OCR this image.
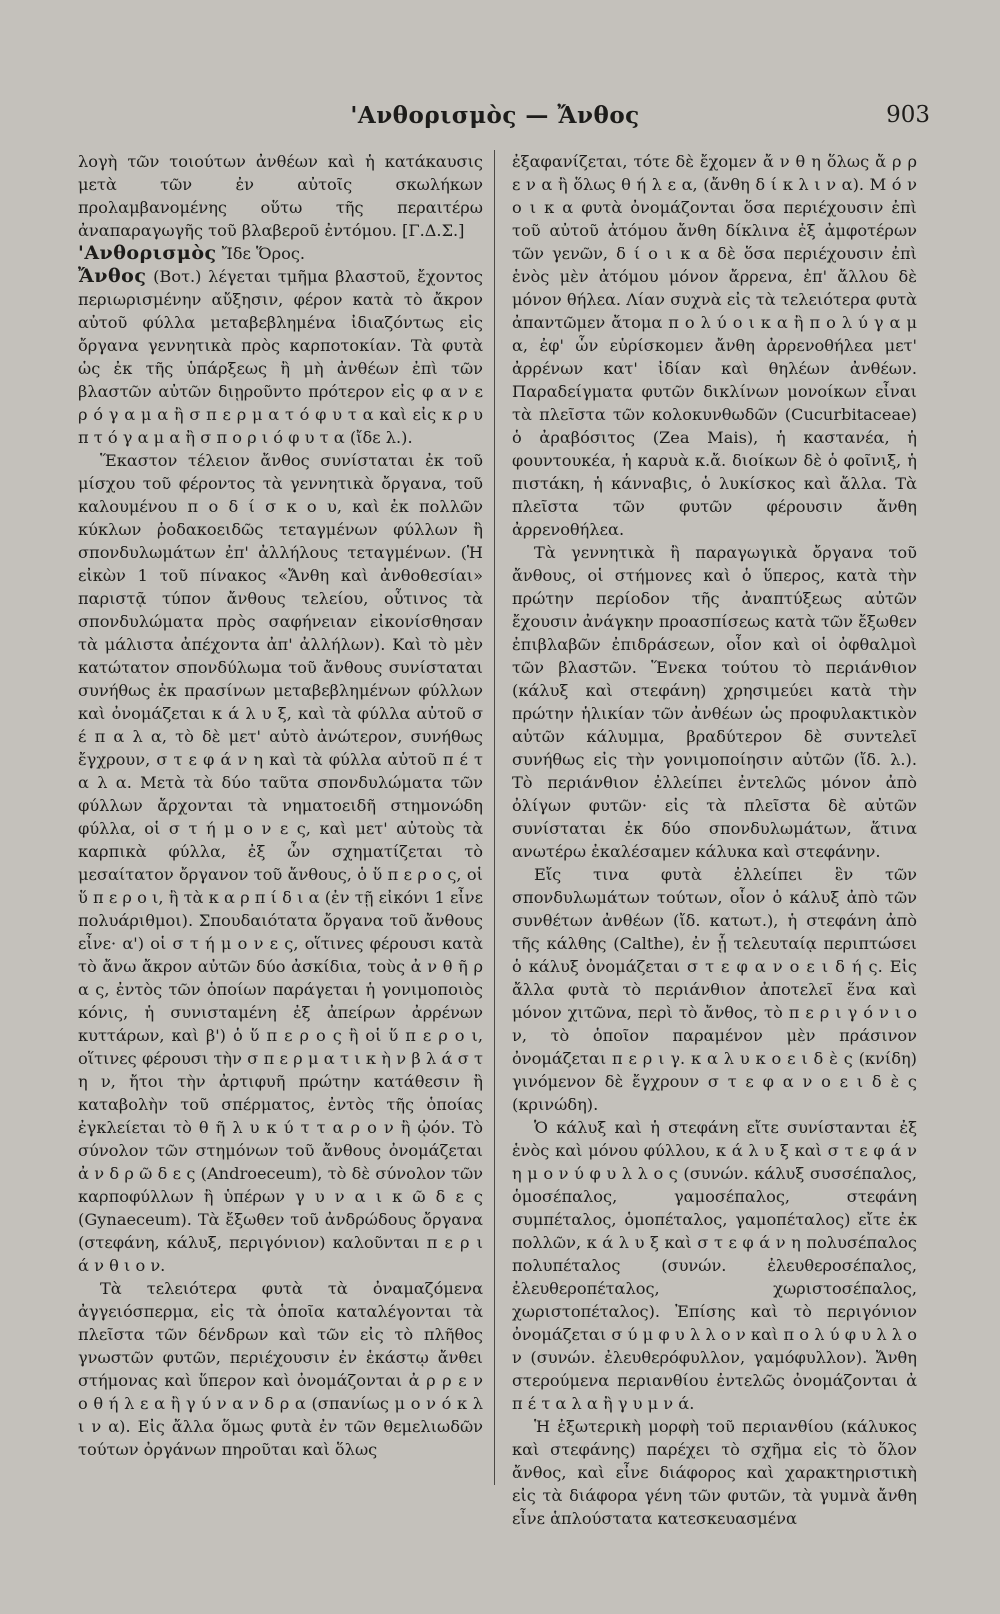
'Ανθορισμὸς — Ἄνθος	903

λογὴ τῶν τοιούτων ἀνθέων καὶ ἡ κατάκαυσις μετὰ τῶν ἐν αὐτοῖς σκωλήκων προλαμβανομένης οὕτω τῆς περαιτέρω ἀναπαραγωγῆς τοῦ βλαβεροῦ ἐντόμου. [Γ.Δ.Σ.]

'Ανθορισμὸς Ἴδε Ὅρος.

Ἄνθος (Βοτ.) λέγεται τμῆμα βλαστοῦ, ἔχοντος περιωρισμένην αὔξησιν, φέρον κατὰ τὸ ἄκρον αὐτοῦ φύλλα μεταβεβλημένα ἰδιαζόντως εἰς ὄργανα γεννητικὰ πρὸς καρποτοκίαν. Τὰ φυτὰ ὡς ἐκ τῆς ὑπάρξεως ἢ μὴ ἀνθέων ἐπὶ τῶν βλαστῶν αὐτῶν διῃροῦντο πρότερον εἰς φ α ν ε ρ ό γ α μ α ἢ σ π ε ρ μ α τ ό φ υ τ α καὶ εἰς κ ρ υ π τ ό γ α μ α ἢ σ π ο ρ ι ό φ υ τ α (ἴδε λ.).

Ἕκαστον τέλειον ἄνθος συνίσταται ἐκ τοῦ μίσχου τοῦ φέροντος τὰ γεννητικὰ ὄργανα, τοῦ καλουμένου π ο δ ί σ κ ο υ, καὶ ἐκ πολλῶν κύκλων ῥοδακοειδῶς τεταγμένων φύλλων ἢ σπονδυλωμάτων ἐπ' ἀλλήλους τεταγμένων. (Ἡ εἰκὼν 1 τοῦ πίνακος «Ἄνθη καὶ ἀνθοθεσίαι» παριστᾷ τύπον ἄνθους τελείου, οὗτινος τὰ σπονδυλώματα πρὸς σαφήνειαν εἰκονίσθησαν τὰ μάλιστα ἀπέχοντα ἀπ' ἀλλήλων). Καὶ τὸ μὲν κατώτατον σπονδύλωμα τοῦ ἄνθους συνίσταται συνήθως ἐκ πρασίνων μεταβεβλημένων φύλλων καὶ ὀνομάζεται κ ά λ υ ξ, καὶ τὰ φύλλα αὐτοῦ σ έ π α λ α, τὸ δὲ μετ' αὐτὸ ἀνώτερον, συνήθως ἔγχρουν, σ τ ε φ ά ν η καὶ τὰ φύλλα αὐτοῦ π έ τ α λ α. Μετὰ τὰ δύο ταῦτα σπονδυλώματα τῶν φύλλων ἄρχονται τὰ νηματοειδῆ στημονώδη φύλλα, οἱ σ τ ή μ ο ν ε ς, καὶ μετ' αὐτοὺς τὰ καρπικὰ φύλλα, ἐξ ὧν σχηματίζεται τὸ μεσαίτατον ὄργανον τοῦ ἄνθους, ὁ ὕ π ε ρ ο ς, οἱ ὕ π ε ρ ο ι, ἢ τὰ κ α ρ π ί δ ι α (ἐν τῇ εἰκόνι 1 εἶνε πολυάριθμοι). Σπουδαιότατα ὄργανα τοῦ ἄνθους εἶνε· α') οἱ σ τ ή μ ο ν ε ς, οἵτινες φέρουσι κατὰ τὸ ἄνω ἄκρον αὐτῶν δύο ἀσκίδια, τοὺς ἀ ν θ ῆ ρ α ς, ἐντὸς τῶν ὁποίων παράγεται ἡ γονιμοποιὸς κόνις, ἡ συνισταμένη ἐξ ἀπείρων ἀρρένων κυττάρων, καὶ β') ὁ ὕ π ε ρ ο ς ἢ οἱ ὕ π ε ρ ο ι, οἵτινες φέρουσι τὴν σ π ε ρ μ α τ ι κ ὴ ν β λ ά σ τ η ν, ἤτοι τὴν ἀρτιφυῆ πρώτην κατάθεσιν ἢ καταβολὴν τοῦ σπέρματος, ἐντὸς τῆς ὁποίας ἐγκλείεται τὸ θ ῆ λ υ κ ύ τ τ α ρ ο ν ἢ ᾠόν. Τὸ σύνολον τῶν στημόνων τοῦ ἄνθους ὀνομάζεται ἀ ν δ ρ ῶ δ ε ς (Androeceum), τὸ δὲ σύνολον τῶν καρποφύλλων ἢ ὑπέρων γ υ ν α ι κ ῶ δ ε ς (Gynaeceum). Τὰ ἔξωθεν τοῦ ἀνδρώδους ὄργανα (στεφάνη, κάλυξ, περιγόνιον) καλοῦνται π ε ρ ι ά ν θ ι ο ν.

Τὰ τελειότερα φυτὰ τὰ ὀναμαζόμενα ἀγγειόσπερμα, εἰς τὰ ὁποῖα καταλέγονται τὰ πλεῖστα τῶν δένδρων καὶ τῶν εἰς τὸ πλῆθος γνωστῶν φυτῶν, περιέχουσιν ἐν ἑκάστῳ ἄνθει στήμονας καὶ ὕπερον καὶ ὀνομάζονται ἀ ρ ρ ε ν ο θ ή λ ε α ἢ γ ύ ν α ν δ ρ α (σπανίως μ ο ν ό κ λ ι ν α). Εἰς ἄλλα ὅμως φυτὰ ἐν τῶν θεμελιωδῶν τούτων ὀργάνων πηροῦται καὶ ὅλως

ἐξαφανίζεται, τότε δὲ ἔχομεν ἄ ν θ η ὅλως ἄ ρ ρ ε ν α ἢ ὅλως θ ή λ ε α, (ἄνθη δ ί κ λ ι ν α). Μ ό ν ο ι κ α φυτὰ ὀνομάζονται ὅσα περιέχουσιν ἐπὶ τοῦ αὐτοῦ ἀτόμου ἄνθη δίκλινα ἐξ ἀμφοτέρων τῶν γενῶν, δ ί ο ι κ α δὲ ὅσα περιέχουσιν ἐπὶ ἑνὸς μὲν ἀτόμου μόνον ἄρρενα, ἐπ' ἄλλου δὲ μόνον θήλεα. Λίαν συχνὰ εἰς τὰ τελειότερα φυτὰ ἀπαντῶμεν ἄτομα π ο λ ύ ο ι κ α ἢ π ο λ ύ γ α μ α, ἐφ' ὧν εὑρίσκομεν ἄνθη ἀρρενοθήλεα μετ' ἀρρένων κατ' ἰδίαν καὶ θηλέων ἀνθέων. Παραδείγματα φυτῶν δικλίνων μονοίκων εἶναι τὰ πλεῖστα τῶν κολοκυνθωδῶν (Cucurbitaceae) ὁ ἀραβόσιτος (Zea Mais), ἡ καστανέα, ἡ φουντουκέα, ἡ καρυὰ κ.ἄ. διοίκων δὲ ὁ φοῖνιξ, ἡ πιστάκη, ἡ κάνναβις, ὁ λυκίσκος καὶ ἄλλα. Τὰ πλεῖστα τῶν φυτῶν φέρουσιν ἄνθη ἀρρενοθήλεα.

Τὰ γεννητικὰ ἢ παραγωγικὰ ὄργανα τοῦ ἄνθους, οἱ στήμονες καὶ ὁ ὕπερος, κατὰ τὴν πρώτην περίοδον τῆς ἀναπτύξεως αὐτῶν ἔχουσιν ἀνάγκην προασπίσεως κατὰ τῶν ἔξωθεν ἐπιβλαβῶν ἐπιδράσεων, οἷον καὶ οἱ ὀφθαλμοὶ τῶν βλαστῶν. Ἕνεκα τούτου τὸ περιάνθιον (κάλυξ καὶ στεφάνη) χρησιμεύει κατὰ τὴν πρώτην ἡλικίαν τῶν ἀνθέων ὡς προφυλακτικὸν αὐτῶν κάλυμμα, βραδύτερον δὲ συντελεῖ συνήθως εἰς τὴν γονιμοποίησιν αὐτῶν (ἴδ. λ.). Τὸ περιάνθιον ἐλλείπει ἐντελῶς μόνον ἀπὸ ὀλίγων φυτῶν· εἰς τὰ πλεῖστα δὲ αὐτῶν συνίσταται ἐκ δύο σπονδυλωμάτων, ἅτινα ανωτέρω ἐκαλέσαμεν κάλυκα καὶ στεφάνην.

Εἴς τινα φυτὰ ἐλλείπει ἓν τῶν σπονδυλωμάτων τούτων, οἷον ὁ κάλυξ ἀπὸ τῶν συνθέτων ἀνθέων (ἴδ. κατωτ.), ἡ στεφάνη ἀπὸ τῆς κάλθης (Calthe), ἐν ᾗ τελευταίᾳ περιπτώσει ὁ κάλυξ ὀνομάζεται σ τ ε φ α ν ο ε ι δ ή ς. Εἰς ἄλλα φυτὰ τὸ περιάνθιον ἀποτελεῖ ἕνα καὶ μόνον χιτῶνα, περὶ τὸ ἄνθος, τὸ π ε ρ ι γ ό ν ι ο ν, τὸ ὁποῖον παραμένον μὲν πράσινον ὀνομάζεται π ε ρ ι γ. κ α λ υ κ ο ε ι δ ὲ ς (κνίδη) γινόμενον δὲ ἔγχρουν σ τ ε φ α ν ο ε ι δ ὲ ς (κρινώδη).

Ὁ κάλυξ καὶ ἡ στεφάνη εἴτε συνίστανται ἐξ ἑνὸς καὶ μόνου φύλλου, κ ά λ υ ξ καὶ σ τ ε φ ά ν η μ ο ν ύ φ υ λ λ ο ς (συνών. κάλυξ συσσέπαλος, ὁμοσέπαλος, γαμοσέπαλος, στεφάνη συμπέταλος, ὁμοπέταλος, γαμοπέταλος) εἴτε ἐκ πολλῶν, κ ά λ υ ξ καὶ σ τ ε φ ά ν η πολυσέπαλος πολυπέταλος (συνών. ἐλευθεροσέπαλος, ἐλευθεροπέταλος, χωριστοσέπαλος, χωριστοπέταλος). Ἐπίσης καὶ τὸ περιγόνιον ὀνομάζεται σ ύ μ φ υ λ λ ο ν καὶ π ο λ ύ φ υ λ λ ο ν (συνών. ἐλευθερόφυλλον, γαμόφυλλον). Ἄνθη στερούμενα περιανθίου ἐντελῶς ὀνομάζονται ἀ π έ τ α λ α ἢ γ υ μ ν ά.

Ἡ ἐξωτερικὴ μορφὴ τοῦ περιανθίου (κάλυκος καὶ στεφάνης) παρέχει τὸ σχῆμα εἰς τὸ ὅλον ἄνθος, καὶ εἶνε διάφορος καὶ χαρακτηριστικὴ εἰς τὰ διάφορα γένη τῶν φυτῶν, τὰ γυμνὰ ἄνθη εἶνε ἁπλούστατα κατεσκευασμένα
